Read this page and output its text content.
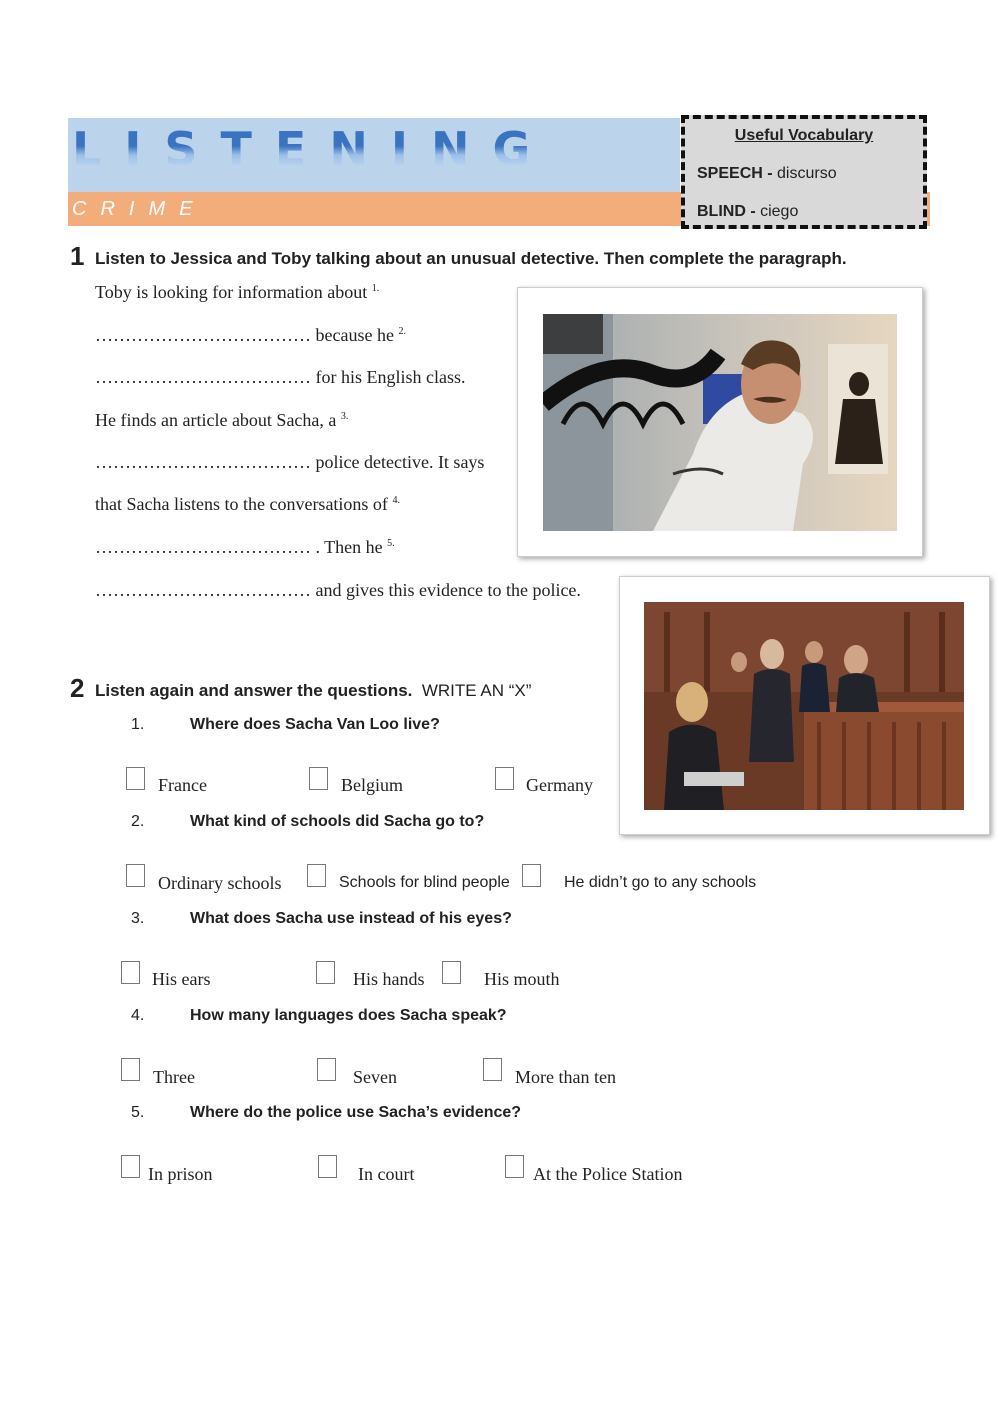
LISTENING
CRIME
Useful Vocabulary
SPEECH - discurso
BLIND - ciego
1 Listen to Jessica and Toby talking about an unusual detective. Then complete the paragraph.
Toby is looking for information about $^{1.}$
……………………………… because he $^{2.}$
……………………………… for his English class.
He finds an article about Sacha, a $^{3.}$
……………………………… police detective. It says
that Sacha listens to the conversations of $^{4.}$
……………………………… . Then he $^{5.}$
……………………………… and gives this evidence to the police.
2 Listen again and answer the questions. WRITE AN “X”
1.	Where does Sacha Van Loo live?
France	Belgium	Germany
2.	What kind of schools did Sacha go to?
Ordinary schools	Schools for blind people	He didn’t go to any schools
3.	What does Sacha use instead of his eyes?
His ears	His hands	His mouth
4.	How many languages does Sacha speak?
Three	Seven	More than ten
5.	Where do the police use Sacha’s evidence?
In prison	In court	At the Police Station
